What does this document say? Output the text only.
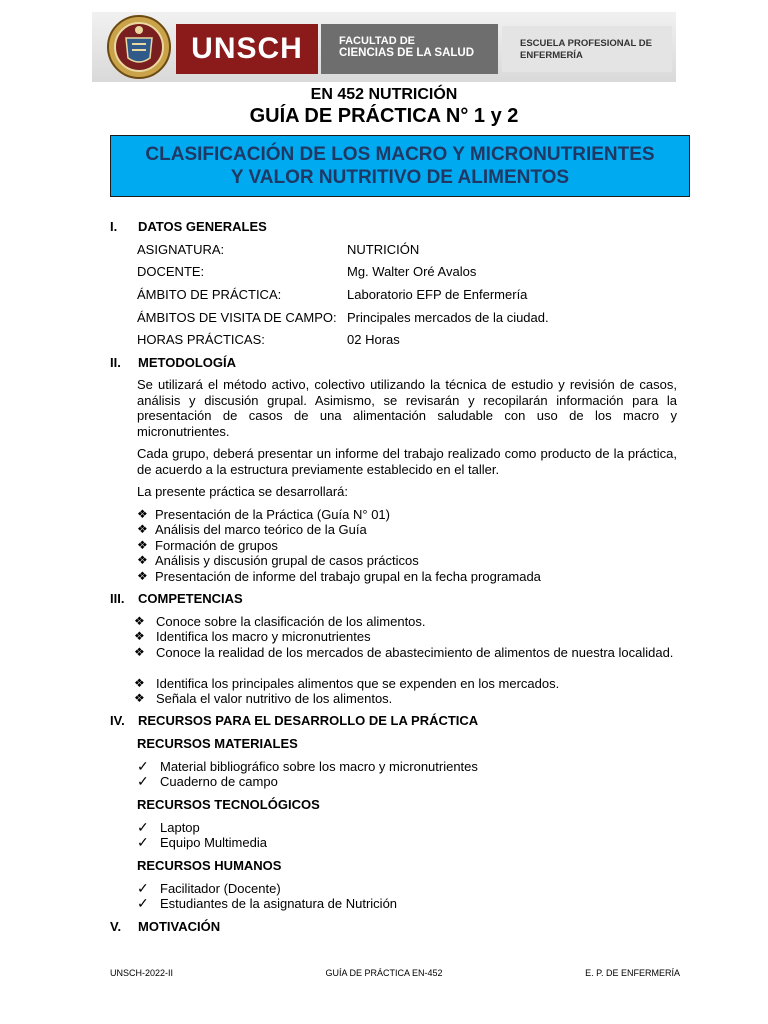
UNSCH	FACULTAD DE
CIENCIAS DE LA SALUD
ESCUELA PROFESIONAL DE
ENFERMERÍA
EN 452 NUTRICIÓN
GUÍA DE PRÁCTICA N° 1 y 2
CLASIFICACIÓN DE LOS MACRO Y MICRONUTRIENTES
Y VALOR NUTRITIVO DE ALIMENTOS
I. DATOS GENERALES
ASIGNATURA:	NUTRICIÓN
DOCENTE:	Mg. Walter Oré Avalos
ÁMBITO DE PRÁCTICA:	Laboratorio EFP de Enfermería
ÁMBITOS DE VISITA DE CAMPO: Principales mercados de la ciudad.
HORAS PRÁCTICAS:	02 Horas
II. METODOLOGÍA
Se utilizará el método activo, colectivo utilizando la técnica de estudio y revisión de casos, análisis y discusión grupal. Asimismo, se revisarán y recopilarán información para la presentación de casos de una alimentación saludable con uso de los macro y micronutrientes.
Cada grupo, deberá presentar un informe del trabajo realizado como producto de la práctica, de acuerdo a la estructura previamente establecido en el taller.
La presente práctica se desarrollará:
❖ Presentación de la Práctica (Guía N° 01)
❖ Análisis del marco teórico de la Guía
❖ Formación de grupos
❖ Análisis y discusión grupal de casos prácticos
❖ Presentación de informe del trabajo grupal en la fecha programada
III. COMPETENCIAS
❖ Conoce sobre la clasificación de los alimentos.
❖ Identifica los macro y micronutrientes
❖ Conoce la realidad de los mercados de abastecimiento de alimentos de nuestra localidad.
❖ Identifica los principales alimentos que se expenden en los mercados.
❖ Señala el valor nutritivo de los alimentos.
IV. RECURSOS PARA EL DESARROLLO DE LA PRÁCTICA
RECURSOS MATERIALES
✓ Material bibliográfico sobre los macro y micronutrientes
✓ Cuaderno de campo
RECURSOS TECNOLÓGICOS
✓ Laptop
✓ Equipo Multimedia
RECURSOS HUMANOS
✓ Facilitador (Docente)
✓ Estudiantes de la asignatura de Nutrición
V. MOTIVACIÓN
UNSCH-2022-II	GUÍA DE PRÁCTICA EN-452	E. P. DE ENFERMERÍA
